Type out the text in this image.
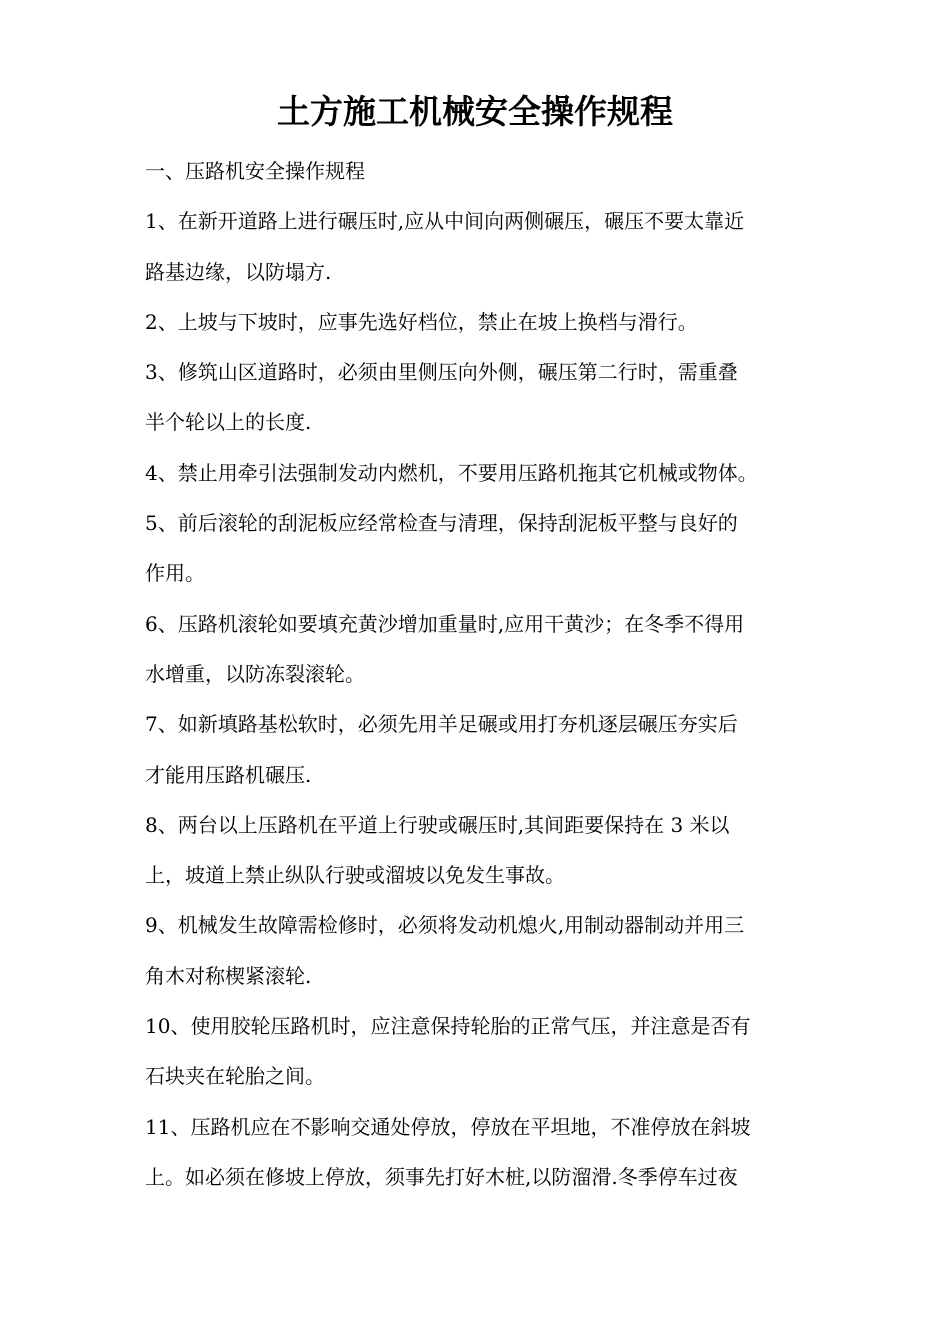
土方施工机械安全操作规程

一、压路机安全操作规程

1、在新开道路上进行碾压时,应从中间向两侧碾压，碾压不要太靠近

路基边缘，以防塌方.

2、上坡与下坡时，应事先选好档位，禁止在坡上换档与滑行。

3、修筑山区道路时，必须由里侧压向外侧，碾压第二行时，需重叠

半个轮以上的长度.

4、禁止用牵引法强制发动内燃机，不要用压路机拖其它机械或物体。

5、前后滚轮的刮泥板应经常检查与清理，保持刮泥板平整与良好的

作用。

6、压路机滚轮如要填充黄沙增加重量时,应用干黄沙；在冬季不得用

水增重，以防冻裂滚轮。

7、如新填路基松软时，必须先用羊足碾或用打夯机逐层碾压夯实后

才能用压路机碾压.

8、两台以上压路机在平道上行驶或碾压时,其间距要保持在 3 米以

上，坡道上禁止纵队行驶或溜坡以免发生事故。

9、机械发生故障需检修时，必须将发动机熄火,用制动器制动并用三

角木对称楔紧滚轮.

10、使用胶轮压路机时，应注意保持轮胎的正常气压，并注意是否有

石块夹在轮胎之间。

11、压路机应在不影响交通处停放，停放在平坦地，不准停放在斜坡

上。如必须在修坡上停放，须事先打好木桩,以防溜滑.冬季停车过夜
